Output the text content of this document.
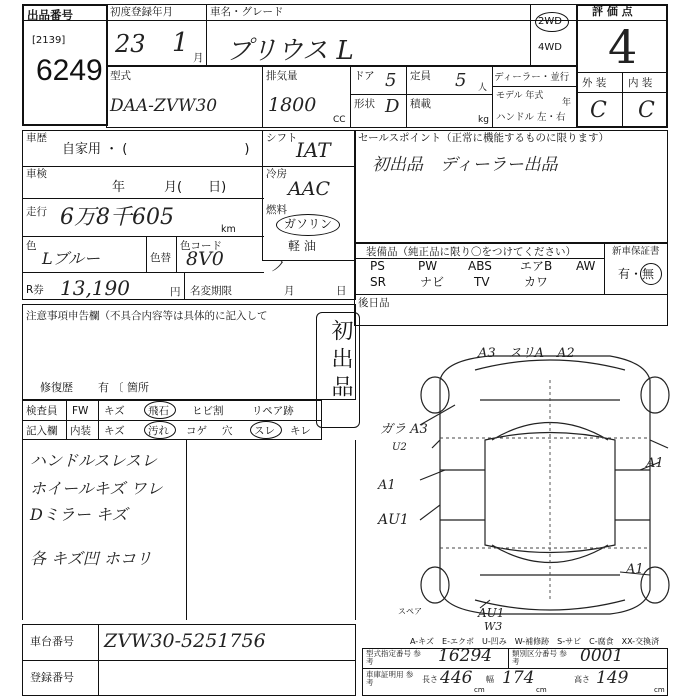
出品番号
[2139]
6249
初度登録年月
23 1 月
車名・グレード
プリウス L
2WD
4WD
評 価 点
4
型式
DAA-ZVW30
排気量
1800
CC
ドア 5 定員 5 人
形状 D 積載
kg
ディーラー・並行
モデル 年式
年
ハンドル 左・右
外 装 内 装
C C
車歴
自家用 ・ (　　　　　　　　　)
シフト
IAT
車検
年　　　月(　　日)
冷房
AAC
走行 6万8千605	km
燃料
ガソリン
軽 油
色
Lブルー	色替
色コード
8V0	ノ
R券 13,190	円 名変期限	月	日
セールスポイント（正常に機能するものに限ります）
初出品　ディーラー出品
装備品（純正品に限り〇をつけてください）	新車保証書
有・無
PS	PW	ABS エアB AW
SR	ナビ TV	カワ
後日品
注意事項申告欄（不具合内容等は具体的に記入して
修復歴 有 〔 箇所	初出品
検査員
記入欄
FW キズ 飛石 ヒビ割	リペア跡
内装 キズ 汚れ コゲ 穴 スレ キレ
ハンドルスレスレ
ホイールキズ ワレ
Dミラー キズ
各 キズ凹 ホコリ
A3　スリA　A2
ガラ A3
U2
A1
AU1
A1
A1
AU1
W3
スペア
A-キズ　E-エクボ　U-凹み　W-補修跡　S-サビ　C-腐食　XX-交換済
車台番号 ZVW30-5251756
登録番号
型式指定番号 参考	16294	類別区分番号 参考	0001
車庫証明用 参考	長さ 446
cm
幅 174
cm
高さ 149
cm
